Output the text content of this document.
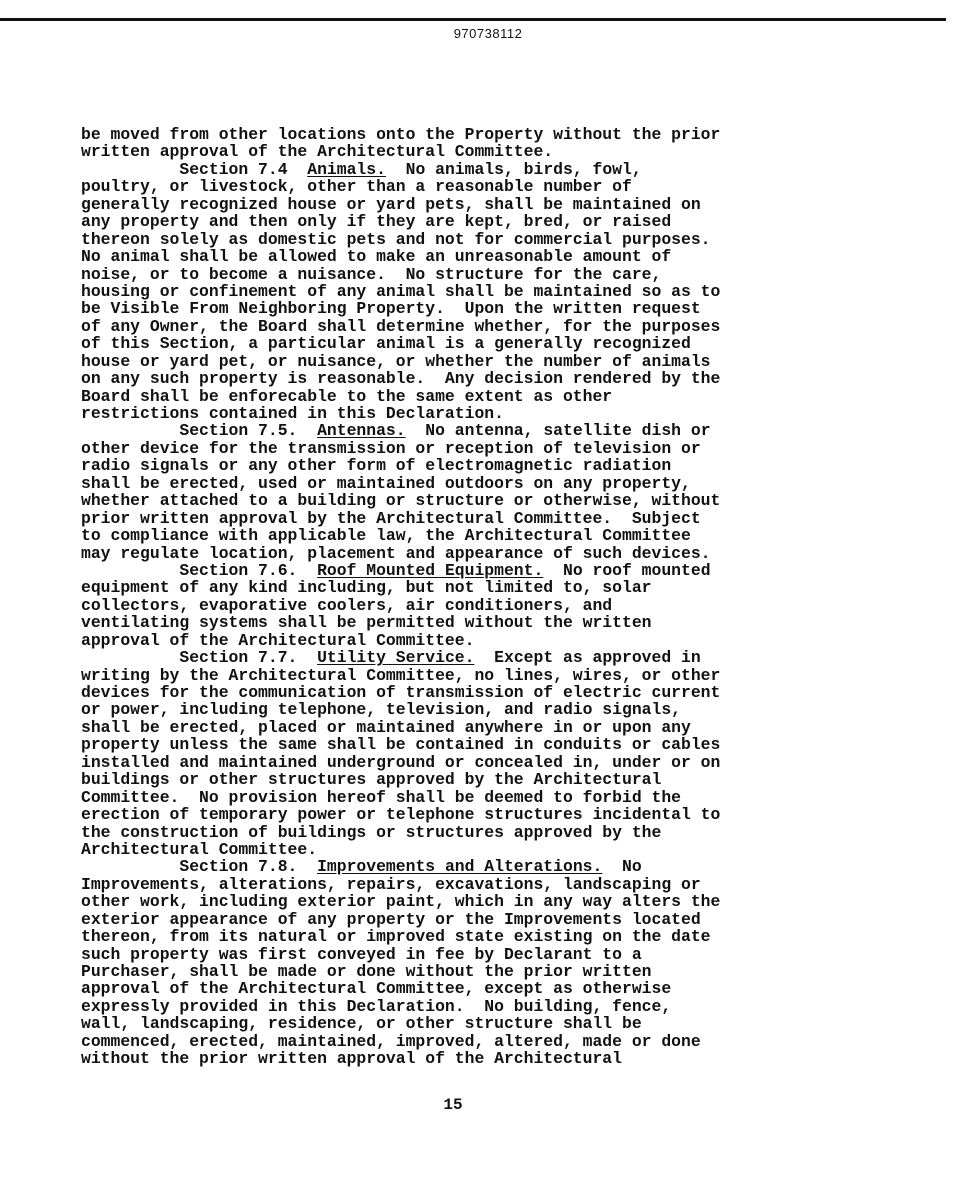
970738112
be moved from other locations onto the Property without the prior
written approval of the Architectural Committee.
Section 7.4  Animals.  No animals, birds, fowl,
poultry, or livestock, other than a reasonable number of
generally recognized house or yard pets, shall be maintained on
any property and then only if they are kept, bred, or raised
thereon solely as domestic pets and not for commercial purposes.
No animal shall be allowed to make an unreasonable amount of
noise, or to become a nuisance.  No structure for the care,
housing or confinement of any animal shall be maintained so as to
be Visible From Neighboring Property.  Upon the written request
of any Owner, the Board shall determine whether, for the purposes
of this Section, a particular animal is a generally recognized
house or yard pet, or nuisance, or whether the number of animals
on any such property is reasonable.  Any decision rendered by the
Board shall be enforecable to the same extent as other
restrictions contained in this Declaration.
Section 7.5.  Antennas.  No antenna, satellite dish or
other device for the transmission or reception of television or
radio signals or any other form of electromagnetic radiation
shall be erected, used or maintained outdoors on any property,
whether attached to a building or structure or otherwise, without
prior written approval by the Architectural Committee.  Subject
to compliance with applicable law, the Architectural Committee
may regulate location, placement and appearance of such devices.
Section 7.6.  Roof Mounted Equipment.  No roof mounted
equipment of any kind including, but not limited to, solar
collectors, evaporative coolers, air conditioners, and
ventilating systems shall be permitted without the written
approval of the Architectural Committee.
Section 7.7.  Utility Service.  Except as approved in
writing by the Architectural Committee, no lines, wires, or other
devices for the communication of transmission of electric current
or power, including telephone, television, and radio signals,
shall be erected, placed or maintained anywhere in or upon any
property unless the same shall be contained in conduits or cables
installed and maintained underground or concealed in, under or on
buildings or other structures approved by the Architectural
Committee.  No provision hereof shall be deemed to forbid the
erection of temporary power or telephone structures incidental to
the construction of buildings or structures approved by the
Architectural Committee.
Section 7.8.  Improvements and Alterations.  No
Improvements, alterations, repairs, excavations, landscaping or
other work, including exterior paint, which in any way alters the
exterior appearance of any property or the Improvements located
thereon, from its natural or improved state existing on the date
such property was first conveyed in fee by Declarant to a
Purchaser, shall be made or done without the prior written
approval of the Architectural Committee, except as otherwise
expressly provided in this Declaration.  No building, fence,
wall, landscaping, residence, or other structure shall be
commenced, erected, maintained, improved, altered, made or done
without the prior written approval of the Architectural
15
